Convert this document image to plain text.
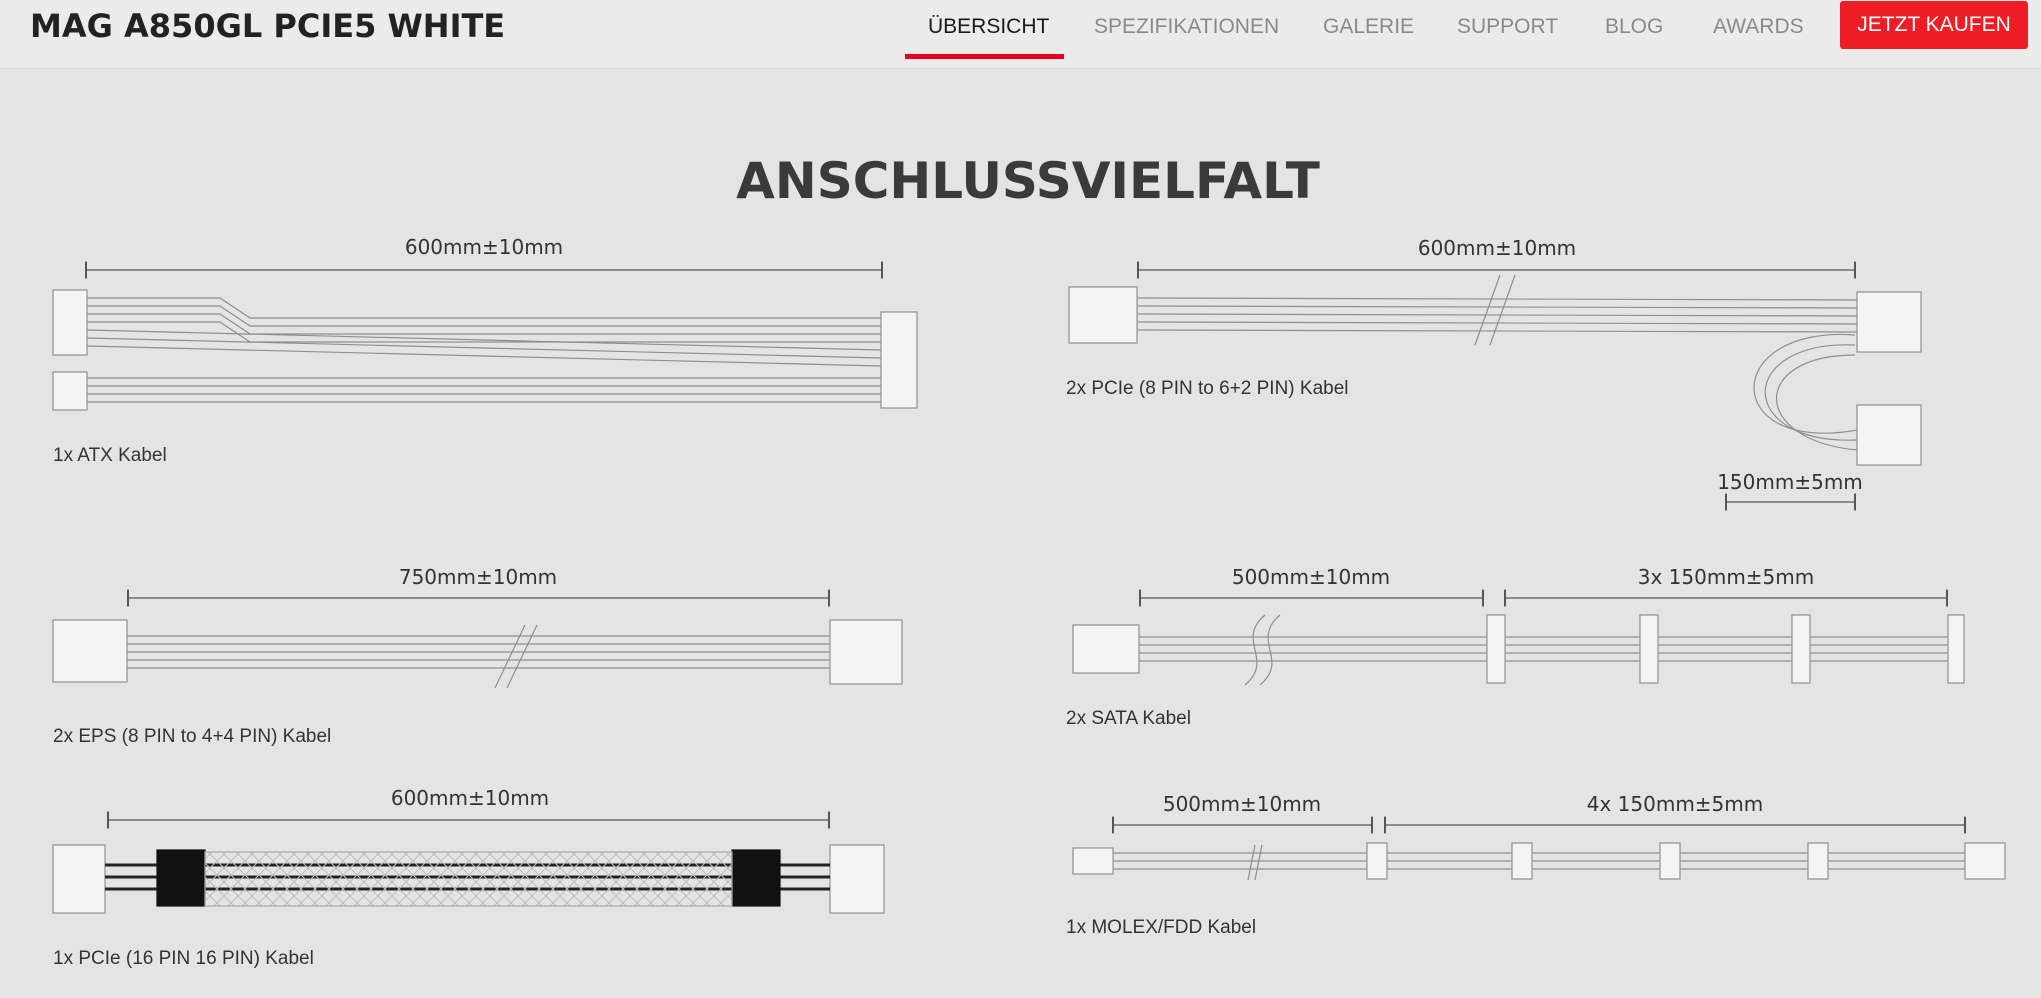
MAG A850GL PCIE5 WHITE	ÜBERSICHT SPEZIFIKATIONEN GALERIE SUPPORT BLOG AWARDS	JETZT KAUFEN
ANSCHLUSSVIELFALT
600mm±10mm	600mm±10mm
150mm±5mm
750mm±10mm	500mm±10mm	3x 150mm±5mm
600mm±10mm	500mm±10mm	4x 150mm±5mm
1x ATX Kabel
2x PCIe (8 PIN to 6+2 PIN) Kabel
2x EPS (8 PIN to 4+4 PIN) Kabel
2x SATA Kabel
1x PCIe (16 PIN 16 PIN) Kabel
1x MOLEX/FDD Kabel
